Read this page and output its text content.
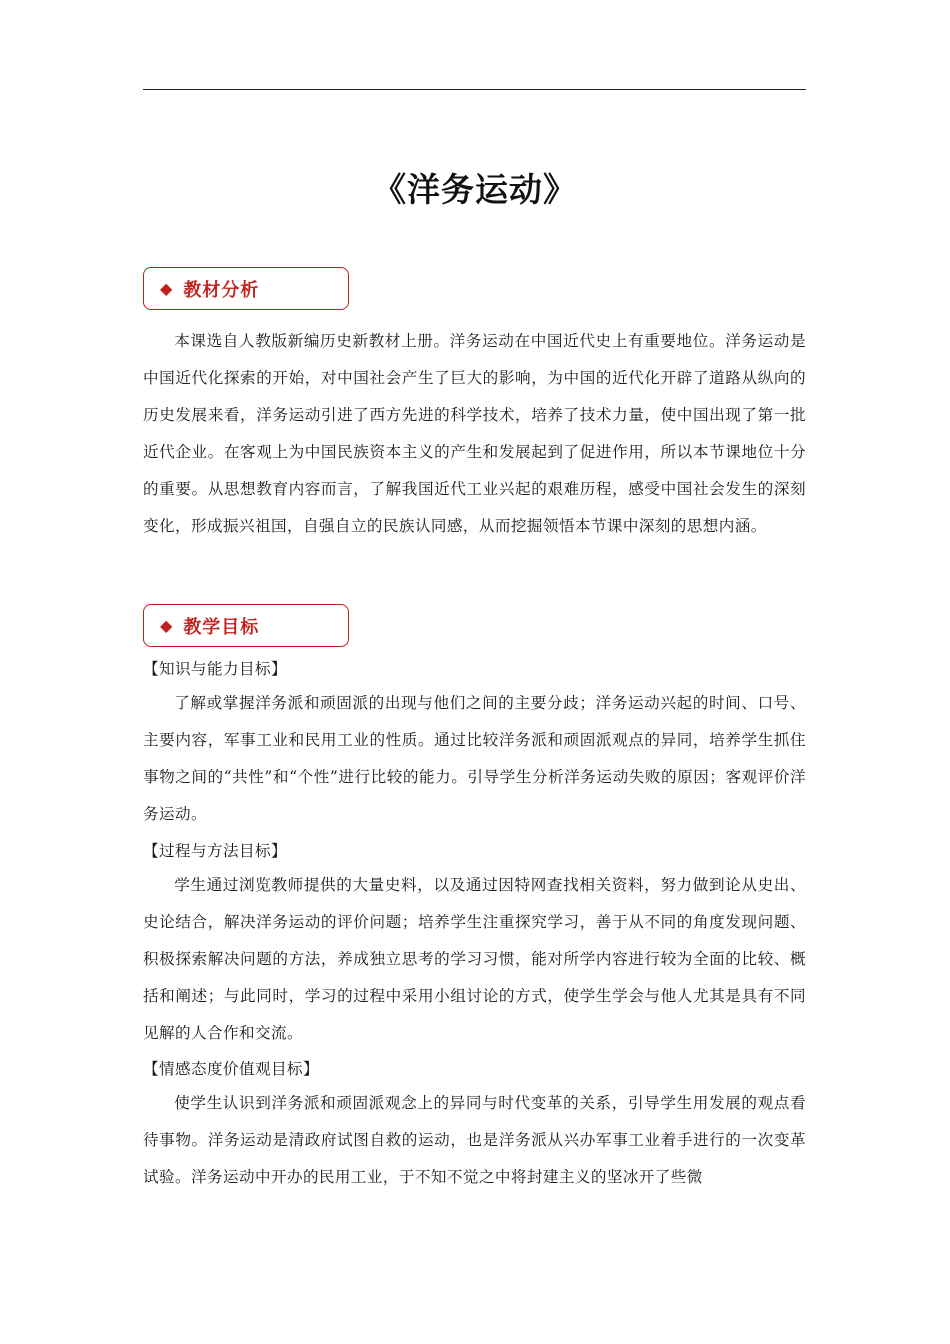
《洋务运动》
◆ 教材分析

本课选自人教版新编历史新教材上册。洋务运动在中国近代史上有重要地位。洋务运动是中国近代化探索的开始，对中国社会产生了巨大的影响，为中国的近代化开辟了道路从纵向的历史发展来看，洋务运动引进了西方先进的科学技术，培养了技术力量，使中国出现了第一批近代企业。在客观上为中国民族资本主义的产生和发展起到了促进作用，所以本节课地位十分的重要。从思想教育内容而言，了解我国近代工业兴起的艰难历程，感受中国社会发生的深刻变化，形成振兴祖国，自强自立的民族认同感，从而挖掘领悟本节课中深刻的思想内涵。

◆ 教学目标
【知识与能力目标】

了解或掌握洋务派和顽固派的出现与他们之间的主要分歧；洋务运动兴起的时间、口号、主要内容，军事工业和民用工业的性质。通过比较洋务派和顽固派观点的异同，培养学生抓住事物之间的“共性”和“个性”进行比较的能力。引导学生分析洋务运动失败的原因；客观评价洋务运动。

【过程与方法目标】

学生通过浏览教师提供的大量史料，以及通过因特网查找相关资料，努力做到论从史出、史论结合，解决洋务运动的评价问题；培养学生注重探究学习，善于从不同的角度发现问题、积极探索解决问题的方法，养成独立思考的学习习惯，能对所学内容进行较为全面的比较、概括和阐述；与此同时，学习的过程中采用小组讨论的方式，使学生学会与他人尤其是具有不同见解的人合作和交流。

【情感态度价值观目标】

使学生认识到洋务派和顽固派观念上的异同与时代变革的关系，引导学生用发展的观点看待事物。洋务运动是清政府试图自救的运动，也是洋务派从兴办军事工业着手进行的一次变革试验。洋务运动中开办的民用工业，于不知不觉之中将封建主义的坚冰开了些微
